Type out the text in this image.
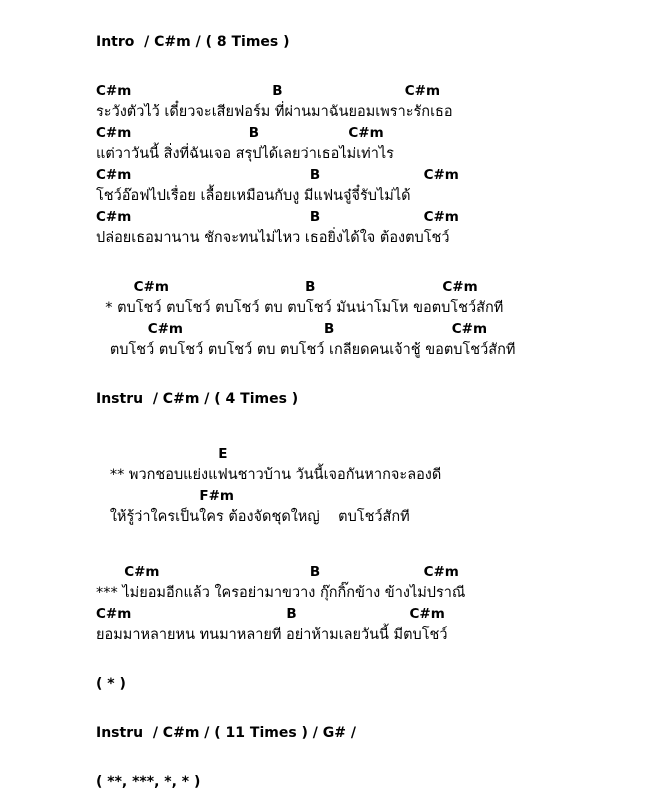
Intro  / C#m / ( 8 Times )
C#m                              B                          C#m
ระวังตัวไว้ เดี๋ยวจะเสียฟอร์ม ที่ผ่านมาฉันยอมเพราะรักเธอ
C#m                         B                   C#m
แต่วาวันนี้ สิ่งที่ฉันเจอ สรุปได้เลยว่าเธอไม่เท่าไร
C#m                                      B                      C#m
โชว์อ๊อฟไปเรื่อย เลื้อยเหมือนกับงู มีแฟนจู๋จี๋รับไม่ได้
C#m                                      B                      C#m
ปล่อยเธอมานาน ชักจะทนไม่ไหว เธอยิ่งได้ใจ ต้องตบโชว์
C#m                             B                           C#m
* ตบโชว์ ตบโชว์ ตบโชว์ ตบ ตบโชว์ มันน่าโมโห ขอตบโชว์สักที
C#m                              B                         C#m
ตบโชว์ ตบโชว์ ตบโชว์ ตบ ตบโชว์ เกลียดคนเจ้าชู้ ขอตบโชว์สักที
Instru  / C#m / ( 4 Times )
E
** พวกชอบแย่งแฟนชาวบ้าน วันนี้เจอกันหากจะลองดี
F#m
ให้รู้ว่าใครเป็นใคร ต้องจัดชุดใหญ่    ตบโชว์สักที
C#m                                B                      C#m
*** ไม่ยอมอีกแล้ว ใครอย่ามาขวาง กุ๊กกิ๊กข้าง ข้างไม่ปราณี
C#m                                 B                        C#m
ยอมมาหลายหน ทนมาหลายที อย่าห้ามเลยวันนี้ มีตบโชว์
( * )
Instru  / C#m / ( 11 Times ) / G# /
( **, ***, *, * )
